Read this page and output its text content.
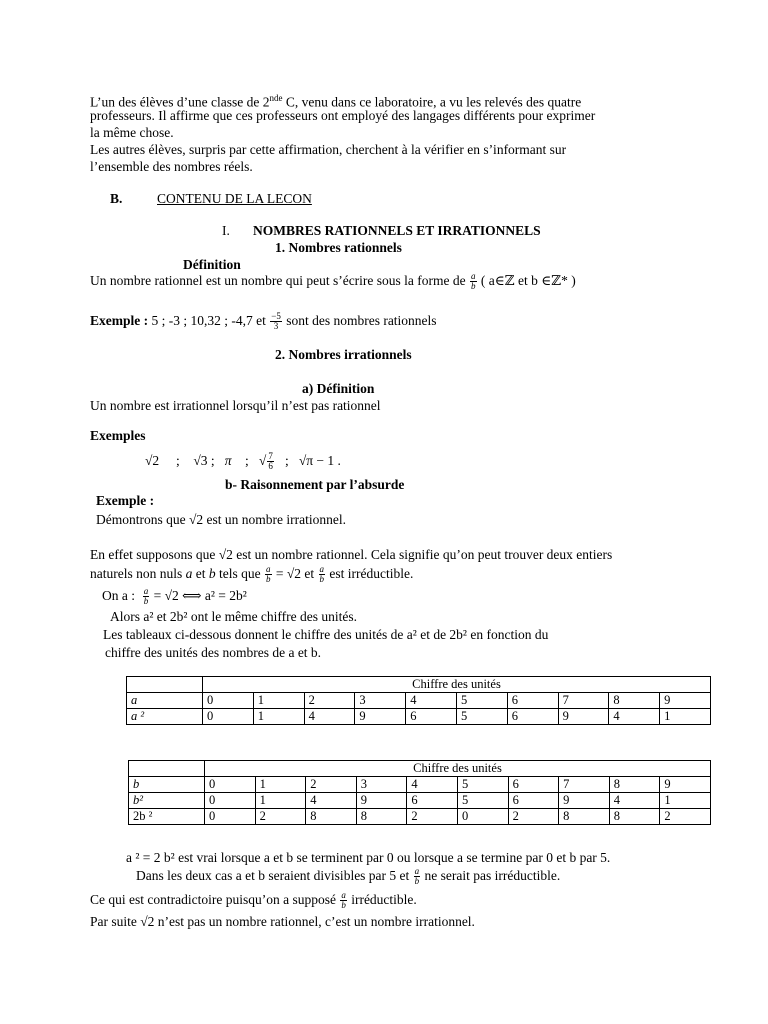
L’un des élèves d’une classe de 2nde C, venu dans ce laboratoire, a vu les relevés des quatre
professeurs. Il affirme que ces professeurs ont employé des langages différents pour exprimer
la même chose.
Les autres élèves, surpris par cette affirmation, cherchent à la vérifier en s’informant sur
l’ensemble des nombres réels.
B.	CONTENU DE LA LECON
I. NOMBRES RATIONNELS ET IRRATIONNELS
1. Nombres rationnels
Définition
Un nombre rationnel est un nombre qui peut s’écrire sous la forme de $\frac{a}{b}$ ( a∈ℤ et b ∈ℤ* )
Exemple : 5 ; -3 ; 10,32 ; -4,7 et $\frac{-5}{3}$ sont des nombres rationnels
2. Nombres irrationnels
a) Définition
Un nombre est irrationnel lorsqu’il n’est pas rationnel
Exemples
√2 ; √3 ; π ;   √ $\frac{7}{6}$ ; √π − 1 .
b- Raisonnement par l’absurde
Exemple :
Démontrons que √2 est un nombre irrationnel.
En effet supposons que √2 est un nombre rationnel. Cela signifie qu’on peut trouver deux entiers
naturels non nuls a et b tels que $\frac{a}{b} = √2$ et $\frac{a}{b}$ est irréductible.
On a : $\frac{a}{b} = √2$ ⟺ a² = 2b²
Alors a² et 2b² ont le même chiffre des unités.
Les tableaux ci-dessous donnent le chiffre des unités de a² et de 2b² en fonction du
chiffre des unités des nombres de a et b.
	Chiffre des unités									
a	0	1	2	3	4	5	6	7	8	9
a ²	0	1	4	9	6	5	6	9	4	1
	Chiffre des unités									
b	0	1	2	3	4	5	6	7	8	9
b²	0	1	4	9	6	5	6	9	4	1
2b ²	0	2	8	8	2	0	2	8	8	2
a ² = 2 b² est vrai lorsque a et b se terminent par 0 ou lorsque a se termine par 0 et b par 5.
Dans les deux cas a et b seraient divisibles par 5 et $\frac{a}{b}$ ne serait pas irréductible.
Ce qui est contradictoire puisqu’on a supposé $\frac{a}{b}$ irréductible.
Par suite √2 n’est pas un nombre rationnel, c’est un nombre irrationnel.
